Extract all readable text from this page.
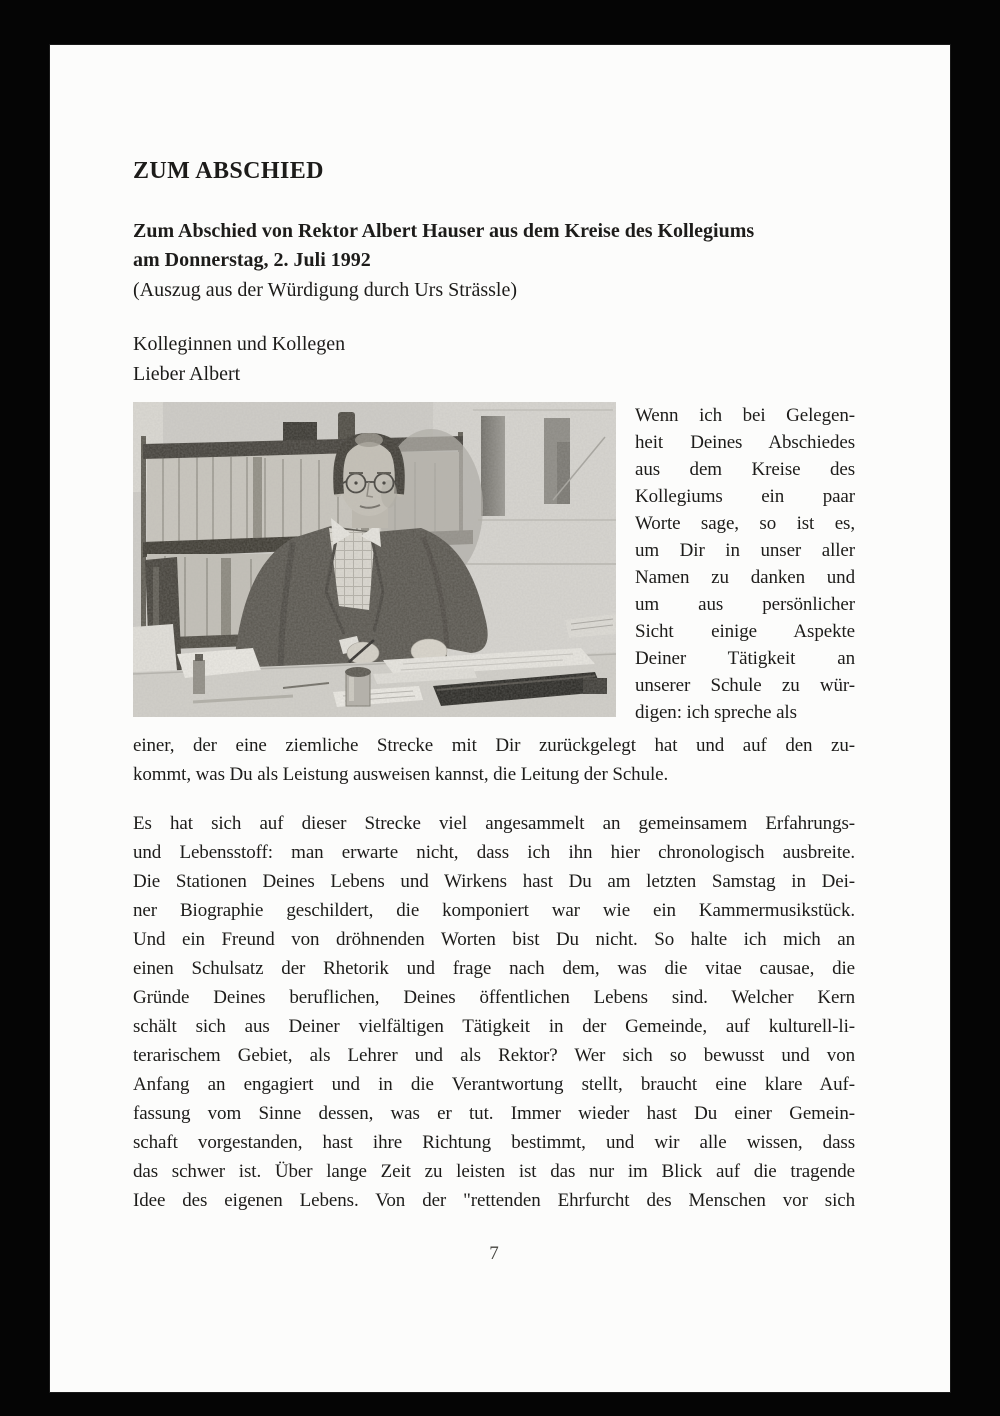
ZUM ABSCHIED
Zum Abschied von Rektor Albert Hauser aus dem Kreise des Kollegiums
am Donnerstag, 2. Juli 1992
(Auszug aus der Würdigung durch Urs Strässle)
Kolleginnen und Kollegen
Lieber Albert
Wenn ich bei Gelegen-
heit Deines Abschiedes
aus dem Kreise des
Kollegiums ein paar
Worte sage, so ist es,
um Dir in unser aller
Namen zu danken und
um aus persönlicher
Sicht einige Aspekte
Deiner Tätigkeit an
unserer Schule zu wür-
digen: ich spreche als
einer, der eine ziemliche Strecke mit Dir zurückgelegt hat und auf den zu-
kommt, was Du als Leistung ausweisen kannst, die Leitung der Schule.
Es hat sich auf dieser Strecke viel angesammelt an gemeinsamem Erfahrungs-
und Lebensstoff: man erwarte nicht, dass ich ihn hier chronologisch ausbreite.
Die Stationen Deines Lebens und Wirkens hast Du am letzten Samstag in Dei-
ner Biographie geschildert, die komponiert war wie ein Kammermusikstück.
Und ein Freund von dröhnenden Worten bist Du nicht. So halte ich mich an
einen Schulsatz der Rhetorik und frage nach dem, was die vitae causae, die
Gründe Deines beruflichen, Deines öffentlichen Lebens sind. Welcher Kern
schält sich aus Deiner vielfältigen Tätigkeit in der Gemeinde, auf kulturell-li-
terarischem Gebiet, als Lehrer und als Rektor? Wer sich so bewusst und von
Anfang an engagiert und in die Verantwortung stellt, braucht eine klare Auf-
fassung vom Sinne dessen, was er tut. Immer wieder hast Du einer Gemein-
schaft vorgestanden, hast ihre Richtung bestimmt, und wir alle wissen, dass
das schwer ist. Über lange Zeit zu leisten ist das nur im Blick auf die tragende
Idee des eigenen Lebens. Von der "rettenden Ehrfurcht des Menschen vor sich
7
